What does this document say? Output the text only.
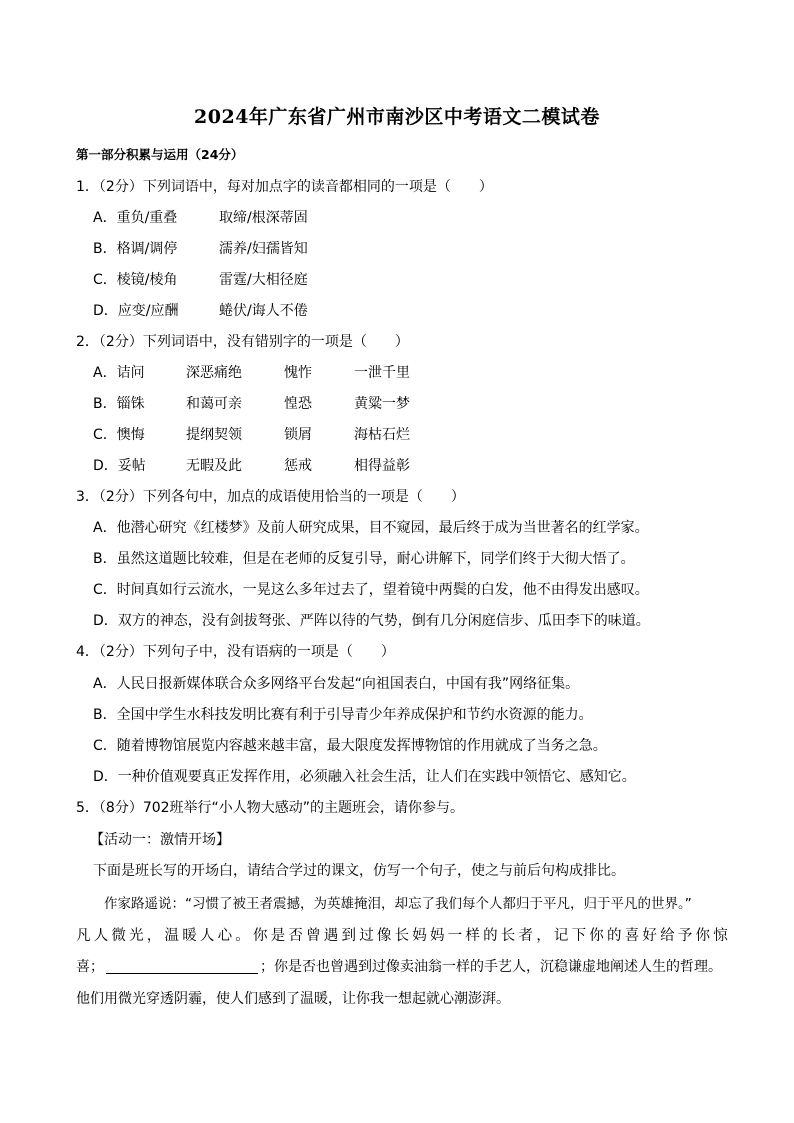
2024年广东省广州市南沙区中考语文二模试卷
第一部分积累与运用（24分）
1．（2分）下列词语中，每对加点字的读音都相同的一项是（　　）
A．重负/重叠	取缔/根深蒂固
B．格调/调停	濡养/妇孺皆知
C．棱镜/棱角	雷霆/大相径庭
D．应变/应酬	蜷伏/诲人不倦
2．（2分）下列词语中，没有错别字的一项是（　　）
A．诘问	深恶痛绝	愧怍	一泄千里
B．锱铢	和蔼可亲	惶恐	黄粱一梦
C．懊悔	提纲契领	锁屑	海枯石烂
D．妥帖	无暇及此	惩戒	相得益彰
3．（2分）下列各句中，加点的成语使用恰当的一项是（　　）
A．他潜心研究《红楼梦》及前人研究成果，目不窥园，最后终于成为当世著名的红学家。
B．虽然这道题比较难，但是在老师的反复引导，耐心讲解下，同学们终于大彻大悟了。
C．时间真如行云流水，一晃这么多年过去了，望着镜中两鬓的白发，他不由得发出感叹。
D．双方的神态，没有剑拔弩张、严阵以待的气势，倒有几分闲庭信步、瓜田李下的味道。
4．（2分）下列句子中，没有语病的一项是（　　）
A．人民日报新媒体联合众多网络平台发起“向祖国表白，中国有我”网络征集。
B．全国中学生水科技发明比赛有利于引导青少年养成保护和节约水资源的能力。
C．随着博物馆展览内容越来越丰富，最大限度发挥博物馆的作用就成了当务之急。
D．一种价值观要真正发挥作用，必须融入社会生活，让人们在实践中领悟它、感知它。
5．（8分）702班举行“小人物大感动”的主题班会，请你参与。
【活动一：激情开场】
下面是班长写的开场白，请结合学过的课文，仿写一个句子，使之与前后句构成排比。
作家路遥说：“习惯了被王者震撼，为英雄掩泪，却忘了我们每个人都归于平凡，归于平凡的世界。”
凡人微光，温暖人心。你是否曾遇到过像长妈妈一样的长者，记下你的喜好给予你惊
喜；	；你是否也曾遇到过像卖油翁一样的手艺人，沉稳谦虚地阐述人生的哲理。
他们用微光穿透阴霾，使人们感到了温暖，让你我一想起就心潮澎湃。
